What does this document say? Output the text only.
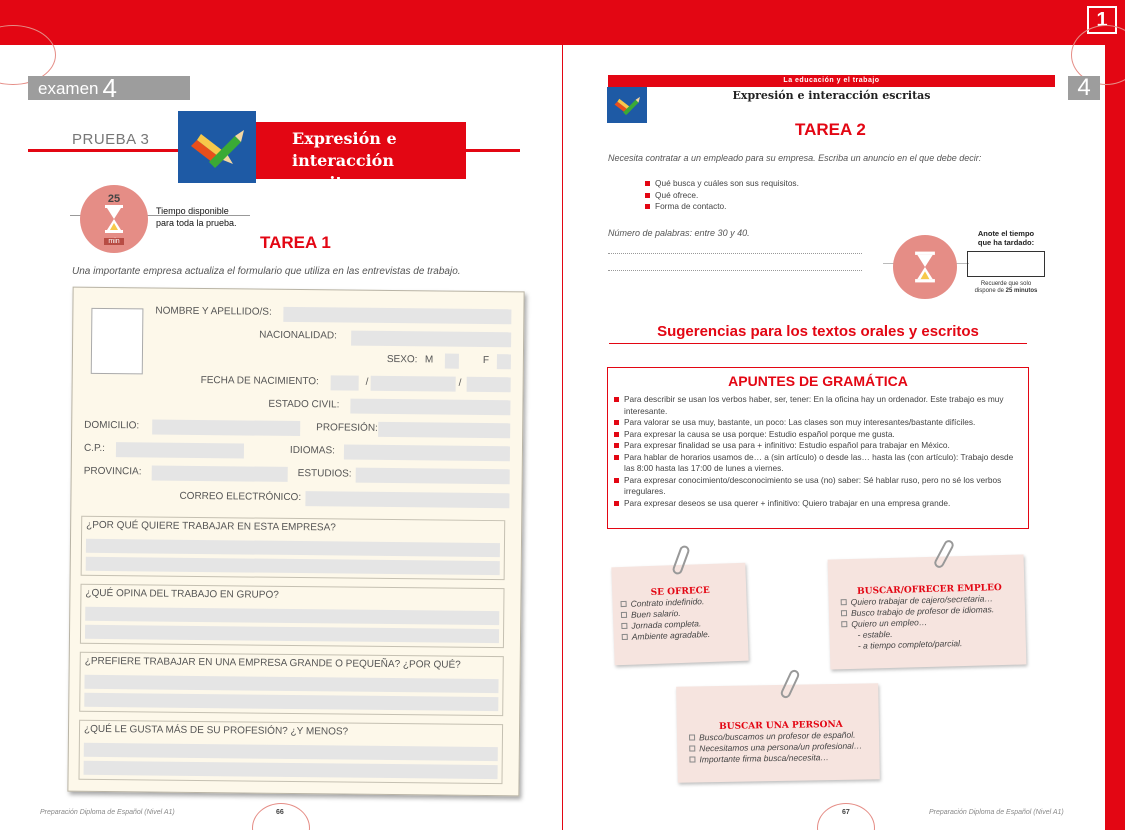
1
examen 4
PRUEBA 3	Expresión e
interacción escritas
25
min
Tiempo disponible
para toda la prueba.
TAREA 1
Una importante empresa actualiza el formulario que utiliza en las entrevistas de trabajo.
NOMBRE Y APELLIDO/S:
NACIONALIDAD:
SEXO: M	F
FECHA DE NACIMIENTO:	/	/
ESTADO CIVIL:
DOMICILIO:	PROFESIÓN:
C.P.:	IDIOMAS:
PROVINCIA:	ESTUDIOS:
CORREO ELECTRÓNICO:
¿POR QUÉ QUIERE TRABAJAR EN ESTA EMPRESA?
¿QUÉ OPINA DEL TRABAJO EN GRUPO?
¿PREFIERE TRABAJAR EN UNA EMPRESA GRANDE O PEQUEÑA? ¿POR QUÉ?
¿QUÉ LE GUSTA MÁS DE SU PROFESIÓN? ¿Y MENOS?
Preparación Diploma de Español (Nivel A1)	66
La educación y el trabajo
Expresión e interacción escritas	4
TAREA 2
Necesita contratar a un empleado para su empresa. Escriba un anuncio en el que debe decir:
Qué busca y cuáles son sus requisitos.
Qué ofrece.
Forma de contacto.
Número de palabras: entre 30 y 40.	Anote el tiempo
que ha tardado:
Recuerde que solo
dispone de 25 minutos
Sugerencias para los textos orales y escritos
APUNTES DE GRAMÁTICA
Para describir se usan los verbos haber, ser, tener: En la oficina hay un ordenador. Este trabajo es muy interesante.
Para valorar se usa muy, bastante, un poco: Las clases son muy interesantes/bastante difíciles.
Para expresar la causa se usa porque: Estudio español porque me gusta.
Para expresar finalidad se usa para + infinitivo: Estudio español para trabajar en México.
Para hablar de horarios usamos de… a (sin artículo) o desde las… hasta las (con artículo): Trabajo desde las 8:00 hasta las 17:00 de lunes a viernes.
Para expresar conocimiento/desconocimiento se usa (no) saber: Sé hablar ruso, pero no sé los verbos irregulares.
Para expresar deseos se usa querer + infinitivo: Quiero trabajar en una empresa grande.
SE OFRECE
Contrato indefinido.
Buen salario.
Jornada completa.
Ambiente agradable.
BUSCAR/OFRECER EMPLEO
Quiero trabajar de cajero/secretaria…
Busco trabajo de profesor de idiomas.
Quiero un empleo…
- estable.
- a tiempo completo/parcial.
BUSCAR UNA PERSONA
Busco/buscamos un profesor de español.
Necesitamos una persona/un profesional…
Importante firma busca/necesita…
67	Preparación Diploma de Español (Nivel A1)
